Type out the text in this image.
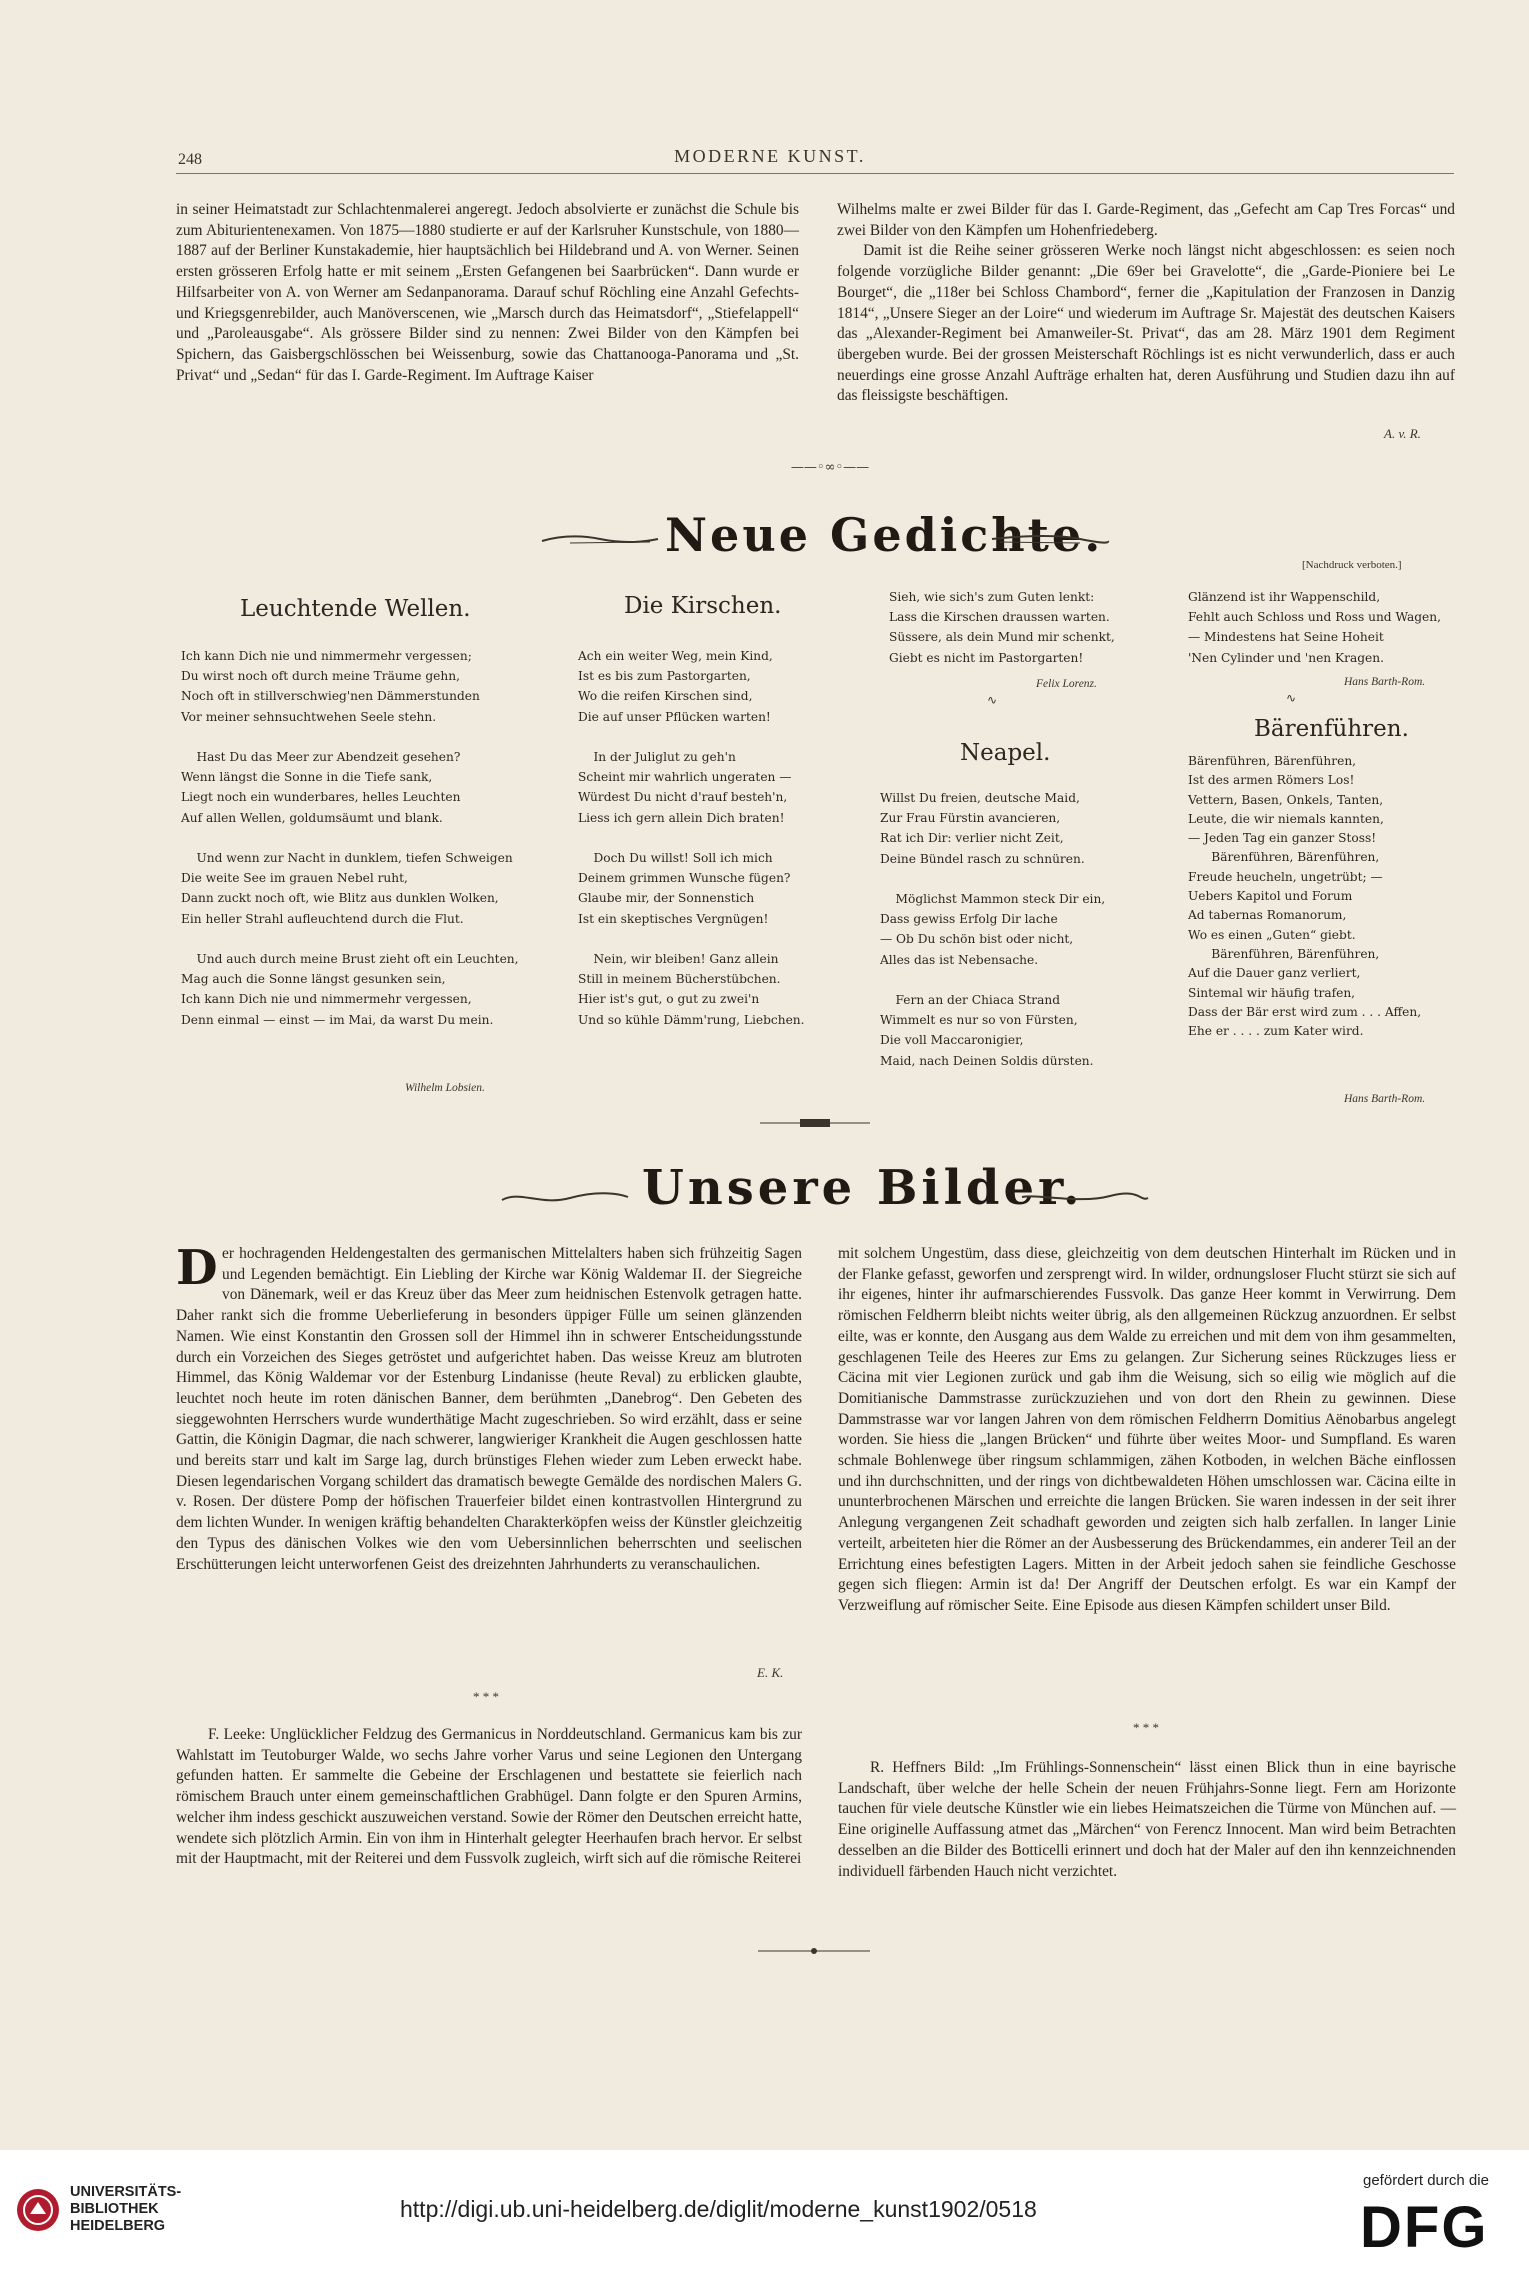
248	MODERNE KUNST.
in seiner Heimatstadt zur Schlachtenmalerei angeregt. Jedoch absolvierte er zunächst die Schule bis zum Abiturientenexamen. Von 1875—1880 studierte er auf der Karlsruher Kunstschule, von 1880—1887 auf der Berliner Kunstakademie, hier hauptsächlich bei Hildebrand und A. von Werner. Seinen ersten grösseren Erfolg hatte er mit seinem „Ersten Gefangenen bei Saarbrücken“. Dann wurde er Hilfsarbeiter von A. von Werner am Sedanpanorama. Darauf schuf Röchling eine Anzahl Gefechts- und Kriegsgenrebilder, auch Manöverscenen, wie „Marsch durch das Heimatsdorf“, „Stiefelappell“ und „Paroleausgabe“. Als grössere Bilder sind zu nennen: Zwei Bilder von den Kämpfen bei Spichern, das Gaisbergschlösschen bei Weissenburg, sowie das Chattanooga-Panorama und „St. Privat“ und „Sedan“ für das I. Garde-Regiment. Im Auftrage Kaiser
Wilhelms malte er zwei Bilder für das I. Garde-Regiment, das „Gefecht am Cap Tres Forcas“ und zwei Bilder von den Kämpfen um Hohenfriedeberg.
Damit ist die Reihe seiner grösseren Werke noch längst nicht abgeschlossen: es seien noch folgende vorzügliche Bilder genannt: „Die 69er bei Gravelotte“, die „Garde-Pioniere bei Le Bourget“, die „118er bei Schloss Chambord“, ferner die „Kapitulation der Franzosen in Danzig 1814“, „Unsere Sieger an der Loire“ und wiederum im Auftrage Sr. Majestät des deutschen Kaisers das „Alexander-Regiment bei Amanweiler-St. Privat“, das am 28. März 1901 dem Regiment übergeben wurde. Bei der grossen Meisterschaft Röchlings ist es nicht verwunderlich, dass er auch neuerdings eine grosse Anzahl Aufträge erhalten hat, deren Ausführung und Studien dazu ihn auf das fleissigste beschäftigen.
A. v. R.
——◦∞◦——
Neue Gedichte.
[Nachdruck verboten.]
Leuchtende Wellen.
Ich kann Dich nie und nimmermehr vergessen;
Du wirst noch oft durch meine Träume gehn,
Noch oft in stillverschwieg'nen Dämmerstunden
Vor meiner sehnsuchtwehen Seele stehn.

Hast Du das Meer zur Abendzeit gesehen?
Wenn längst die Sonne in die Tiefe sank,
Liegt noch ein wunderbares, helles Leuchten
Auf allen Wellen, goldumsäumt und blank.

Und wenn zur Nacht in dunklem, tiefen Schweigen
Die weite See im grauen Nebel ruht,
Dann zuckt noch oft, wie Blitz aus dunklen Wolken,
Ein heller Strahl aufleuchtend durch die Flut.

Und auch durch meine Brust zieht oft ein Leuchten,
Mag auch die Sonne längst gesunken sein,
Ich kann Dich nie und nimmermehr vergessen,
Denn einmal — einst — im Mai, da warst Du mein.
Wilhelm Lobsien.
Die Kirschen.
Ach ein weiter Weg, mein Kind,
Ist es bis zum Pastorgarten,
Wo die reifen Kirschen sind,
Die auf unser Pflücken warten!

In der Juliglut zu geh'n
Scheint mir wahrlich ungeraten —
Würdest Du nicht d'rauf besteh'n,
Liess ich gern allein Dich braten!

Doch Du willst! Soll ich mich
Deinem grimmen Wunsche fügen?
Glaube mir, der Sonnenstich
Ist ein skeptisches Vergnügen!

Nein, wir bleiben! Ganz allein
Still in meinem Bücherstübchen.
Hier ist's gut, o gut zu zwei'n
Und so kühle Dämm'rung, Liebchen.
Sieh, wie sich's zum Guten lenkt:
Lass die Kirschen draussen warten.
Süssere, als dein Mund mir schenkt,
Giebt es nicht im Pastorgarten!
Felix Lorenz.
∿
Neapel.
Willst Du freien, deutsche Maid,
Zur Frau Fürstin avancieren,
Rat ich Dir: verlier nicht Zeit,
Deine Bündel rasch zu schnüren.

Möglichst Mammon steck Dir ein,
Dass gewiss Erfolg Dir lache
— Ob Du schön bist oder nicht,
Alles das ist Nebensache.

Fern an der Chiaca Strand
Wimmelt es nur so von Fürsten,
Die voll Maccaronigier,
Maid, nach Deinen Soldis dürsten.
Glänzend ist ihr Wappenschild,
Fehlt auch Schloss und Ross und Wagen,
— Mindestens hat Seine Hoheit
'Nen Cylinder und 'nen Kragen.
Hans Barth-Rom.
∿
Bärenführen.
Bärenführen, Bärenführen,
Ist des armen Römers Los!
Vettern, Basen, Onkels, Tanten,
Leute, die wir niemals kannten,
— Jeden Tag ein ganzer Stoss!
Bärenführen, Bärenführen,
Freude heucheln, ungetrübt; —
Uebers Kapitol und Forum
Ad tabernas Romanorum,
Wo es einen „Guten“ giebt.
Bärenführen, Bärenführen,
Auf die Dauer ganz verliert,
Sintemal wir häufig trafen,
Dass der Bär erst wird zum . . . Affen,
Ehe er . . . . zum Kater wird.
Hans Barth-Rom.
Unsere Bilder.
D er hochragenden Heldengestalten des germanischen Mittelalters haben sich frühzeitig Sagen und Legenden bemächtigt. Ein Liebling der Kirche war König Waldemar II. der Siegreiche von Dänemark, weil er das Kreuz über das Meer zum heidnischen Estenvolk getragen hatte. Daher rankt sich die fromme Ueberlieferung in besonders üppiger Fülle um seinen glänzenden Namen. Wie einst Konstantin den Grossen soll der Himmel ihn in schwerer Entscheidungsstunde durch ein Vorzeichen des Sieges getröstet und aufgerichtet haben. Das weisse Kreuz am blutroten Himmel, das König Waldemar vor der Estenburg Lindanisse (heute Reval) zu erblicken glaubte, leuchtet noch heute im roten dänischen Banner, dem berühmten „Danebrog“. Den Gebeten des sieggewohnten Herrschers wurde wunderthätige Macht zugeschrieben. So wird erzählt, dass er seine Gattin, die Königin Dagmar, die nach schwerer, langwieriger Krankheit die Augen geschlossen hatte und bereits starr und kalt im Sarge lag, durch brünstiges Flehen wieder zum Leben erweckt habe. Diesen legendarischen Vorgang schildert das dramatisch bewegte Gemälde des nordischen Malers G. v. Rosen. Der düstere Pomp der höfischen Trauerfeier bildet einen kontrastvollen Hintergrund zu dem lichten Wunder. In wenigen kräftig behandelten Charakterköpfen weiss der Künstler gleichzeitig den Typus des dänischen Volkes wie den vom Uebersinnlichen beherrschten und seelischen Erschütterungen leicht unterworfenen Geist des dreizehnten Jahrhunderts zu veranschaulichen.
E. K.
* * *
F. Leeke: Unglücklicher Feldzug des Germanicus in Norddeutschland. Germanicus kam bis zur Wahlstatt im Teutoburger Walde, wo sechs Jahre vorher Varus und seine Legionen den Untergang gefunden hatten. Er sammelte die Gebeine der Erschlagenen und bestattete sie feierlich nach römischem Brauch unter einem gemeinschaftlichen Grabhügel. Dann folgte er den Spuren Armins, welcher ihm indess geschickt auszuweichen verstand. Sowie der Römer den Deutschen erreicht hatte, wendete sich plötzlich Armin. Ein von ihm in Hinterhalt gelegter Heerhaufen brach hervor. Er selbst mit der Hauptmacht, mit der Reiterei und dem Fussvolk zugleich, wirft sich auf die römische Reiterei
mit solchem Ungestüm, dass diese, gleichzeitig von dem deutschen Hinterhalt im Rücken und in der Flanke gefasst, geworfen und zersprengt wird. In wilder, ordnungsloser Flucht stürzt sie sich auf ihr eigenes, hinter ihr aufmarschierendes Fussvolk. Das ganze Heer kommt in Verwirrung. Dem römischen Feldherrn bleibt nichts weiter übrig, als den allgemeinen Rückzug anzuordnen. Er selbst eilte, was er konnte, den Ausgang aus dem Walde zu erreichen und mit dem von ihm gesammelten, geschlagenen Teile des Heeres zur Ems zu gelangen. Zur Sicherung seines Rückzuges liess er Cäcina mit vier Legionen zurück und gab ihm die Weisung, sich so eilig wie möglich auf die Domitianische Dammstrasse zurückzuziehen und von dort den Rhein zu gewinnen. Diese Dammstrasse war vor langen Jahren von dem römischen Feldherrn Domitius Aënobarbus angelegt worden. Sie hiess die „langen Brücken“ und führte über weites Moor- und Sumpfland. Es waren schmale Bohlenwege über ringsum schlammigen, zähen Kotboden, in welchen Bäche einflossen und ihn durchschnitten, und der rings von dichtbewaldeten Höhen umschlossen war. Cäcina eilte in ununterbrochenen Märschen und erreichte die langen Brücken. Sie waren indessen in der seit ihrer Anlegung vergangenen Zeit schadhaft geworden und zeigten sich halb zerfallen. In langer Linie verteilt, arbeiteten hier die Römer an der Ausbesserung des Brückendammes, ein anderer Teil an der Errichtung eines befestigten Lagers. Mitten in der Arbeit jedoch sahen sie feindliche Geschosse gegen sich fliegen: Armin ist da! Der Angriff der Deutschen erfolgt. Es war ein Kampf der Verzweiflung auf römischer Seite. Eine Episode aus diesen Kämpfen schildert unser Bild.
* * *
R. Heffners Bild: „Im Frühlings-Sonnenschein“ lässt einen Blick thun in eine bayrische Landschaft, über welche der helle Schein der neuen Frühjahrs-Sonne liegt. Fern am Horizonte tauchen für viele deutsche Künstler wie ein liebes Heimatszeichen die Türme von München auf. — Eine originelle Auffassung atmet das „Märchen“ von Ferencz Innocent. Man wird beim Betrachten desselben an die Bilder des Botticelli erinnert und doch hat der Maler auf den ihn kennzeichnenden individuell färbenden Hauch nicht verzichtet.
UNIVERSITÄTS-
BIBLIOTHEK
HEIDELBERG
http://digi.ub.uni-heidelberg.de/diglit/moderne_kunst1902/0518
gefördert durch die
DFG
